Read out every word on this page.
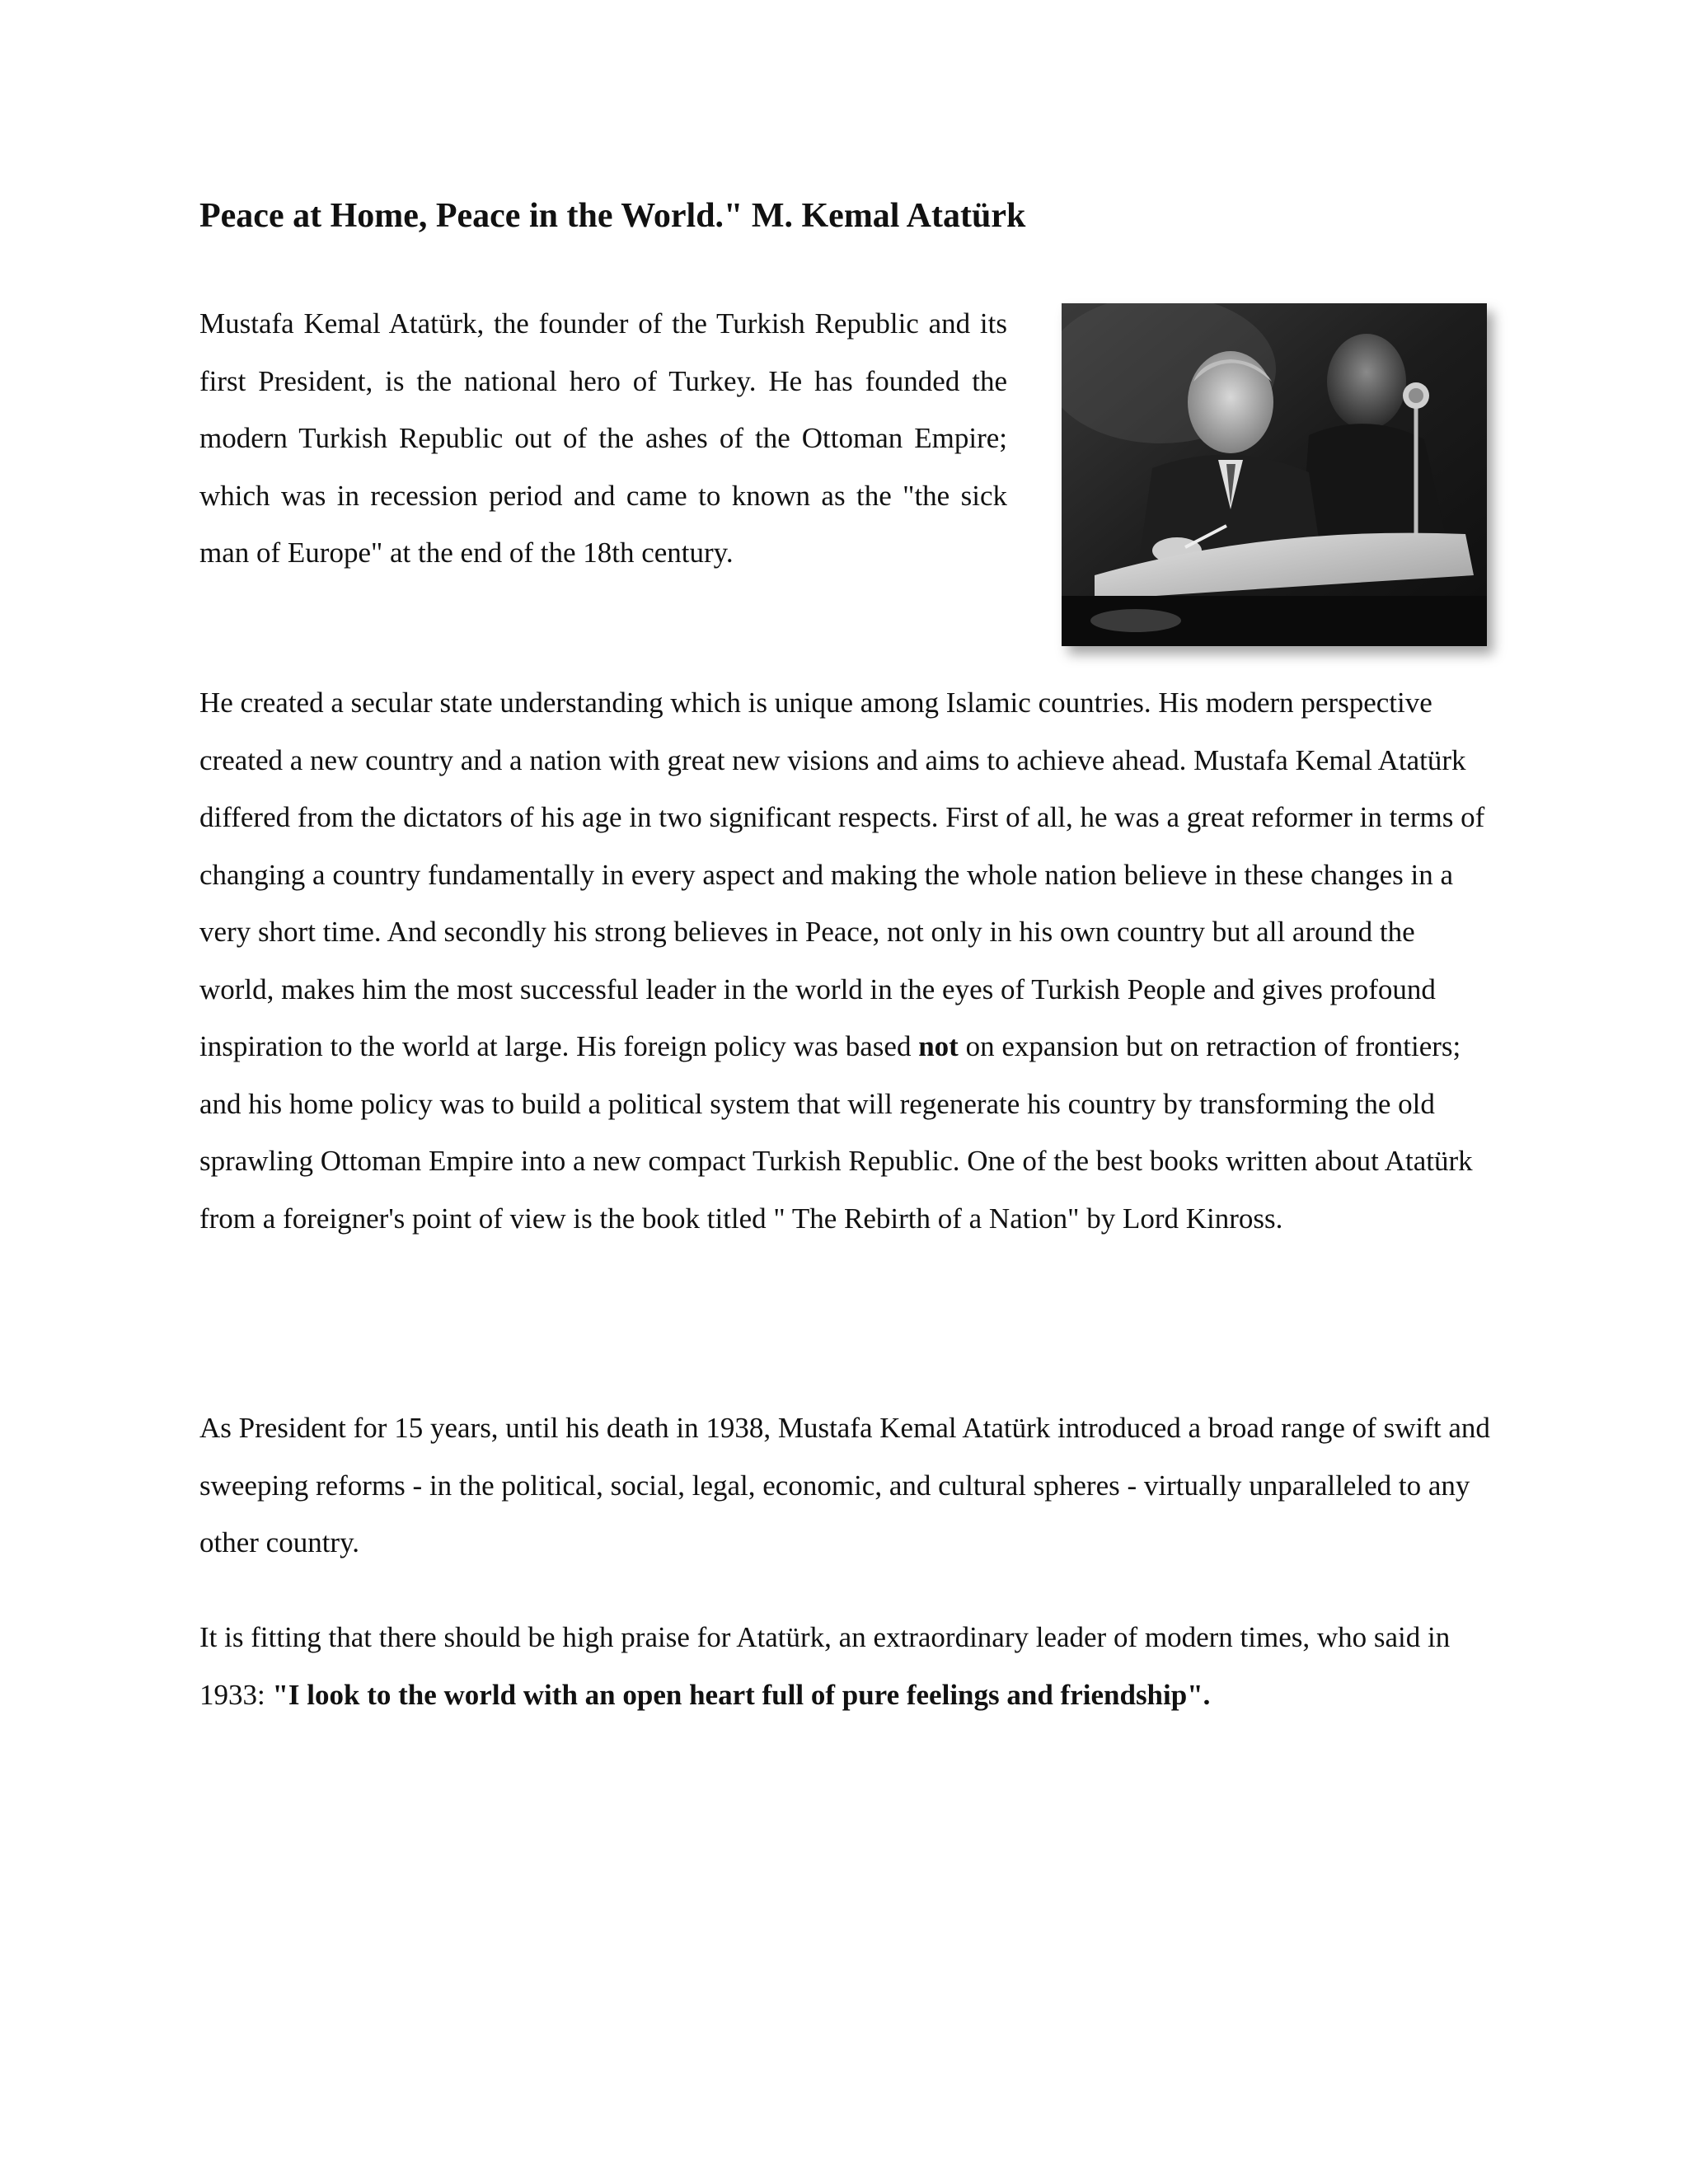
Peace at Home, Peace in the World." M. Kemal Atatürk

Mustafa Kemal Atatürk, the founder of the Turkish Republic and its first President, is the national hero of Turkey. He has founded the modern Turkish Republic out of the ashes of the Ottoman Empire; which was in recession period and came to known as the "the sick man of Europe" at the end of the 18th century.

He created a secular state understanding which is unique among Islamic countries. His modern perspective created a new country and a nation with great new visions and aims to achieve ahead. Mustafa Kemal Atatürk differed from the dictators of his age in two significant respects. First of all, he was a great reformer in terms of changing a country fundamentally in every aspect and making the whole nation believe in these changes in a very short time. And secondly his strong believes in Peace, not only in his own country but all around the world, makes him the most successful leader in the world in the eyes of Turkish People and gives profound inspiration to the world at large. His foreign policy was based not on expansion but on retraction of frontiers; and his home policy was to build a political system that will regenerate his country by transforming the old sprawling Ottoman Empire into a new compact Turkish Republic. One of the best books written about Atatürk from a foreigner's point of view is the book titled " The Rebirth of a Nation" by Lord Kinross.

As President for 15 years, until his death in 1938, Mustafa Kemal Atatürk introduced a broad range of swift and sweeping reforms - in the political, social, legal, economic, and cultural spheres - virtually unparalleled to any other country.

It is fitting that there should be high praise for Atatürk, an extraordinary leader of modern times, who said in 1933: "I look to the world with an open heart full of pure feelings and friendship".
